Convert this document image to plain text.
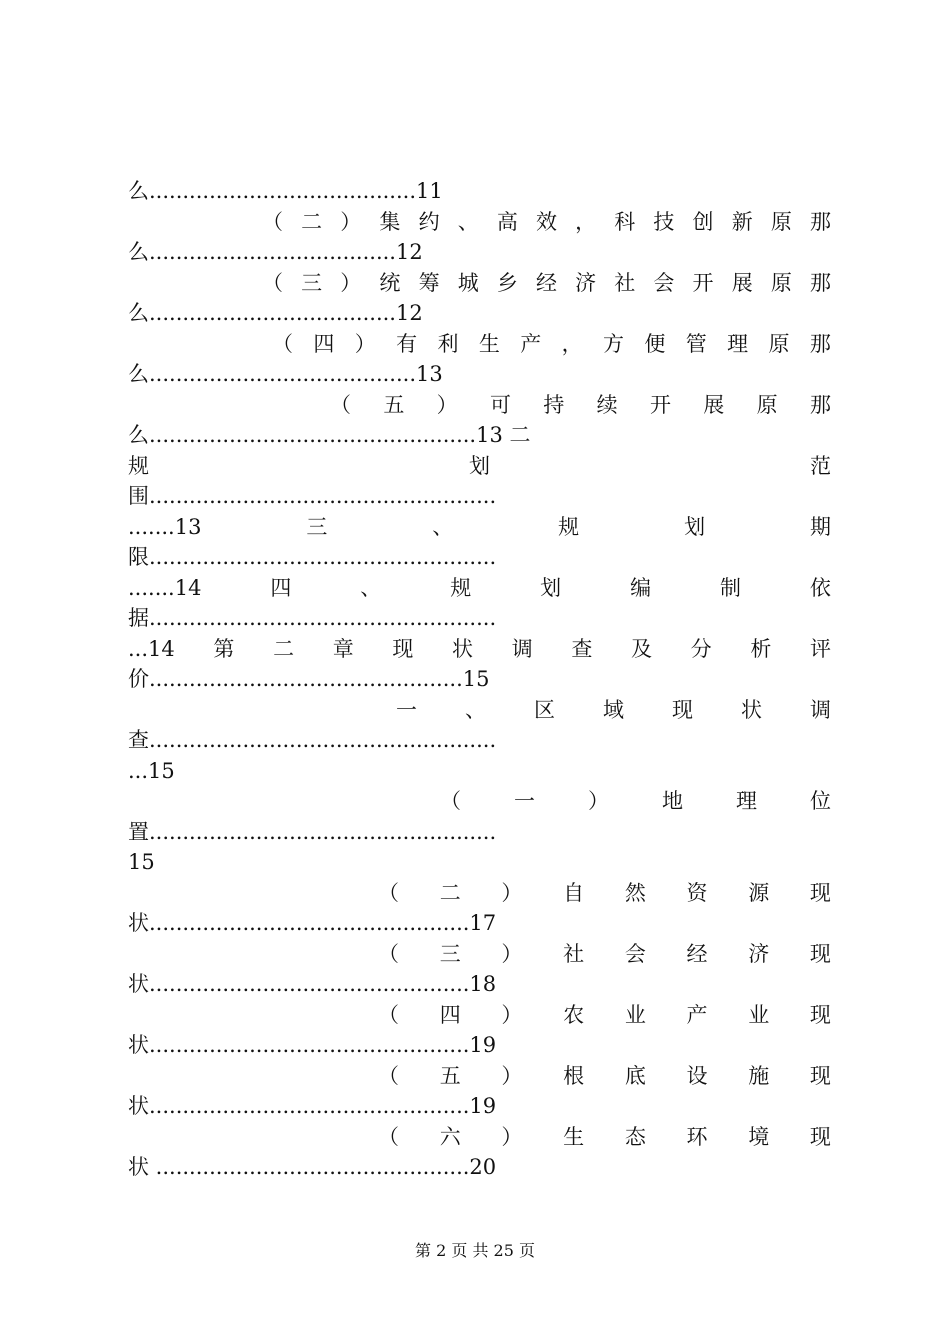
么........................................11
（ 二 ） 集 约 、 高 效 ， 科 技 创 新 原 那
么.....................................12
（ 三 ） 统 筹 城 乡 经 济 社 会 开 展 原 那
么.....................................12
（ 四 ） 有 利 生 产 ， 方 便 管 理 原 那
么........................................13
（ 五 ） 可 持 续 开 展 原 那
么.................................................13 二
规	划	范
围....................................................
.......13	三	、	规	划	期
限....................................................
.......14	四	、	规	划	编	制	依
据....................................................
...14 第 二 章 现 状 调 查 及 分 析 评
价...............................................15
一 、 区 域 现 状 调
查....................................................
...15
（	一	）	地	理	位
置....................................................
15
（ 二 ） 自 然 资 源 现
状................................................17
（ 三 ） 社 会 经 济 现
状................................................18
（ 四 ） 农 业 产 业 现
状................................................19
（ 五 ） 根 底 设 施 现
状................................................19
（ 六 ） 生 态 环 境 现
状 ...............................................20
第 2 页 共 25 页
